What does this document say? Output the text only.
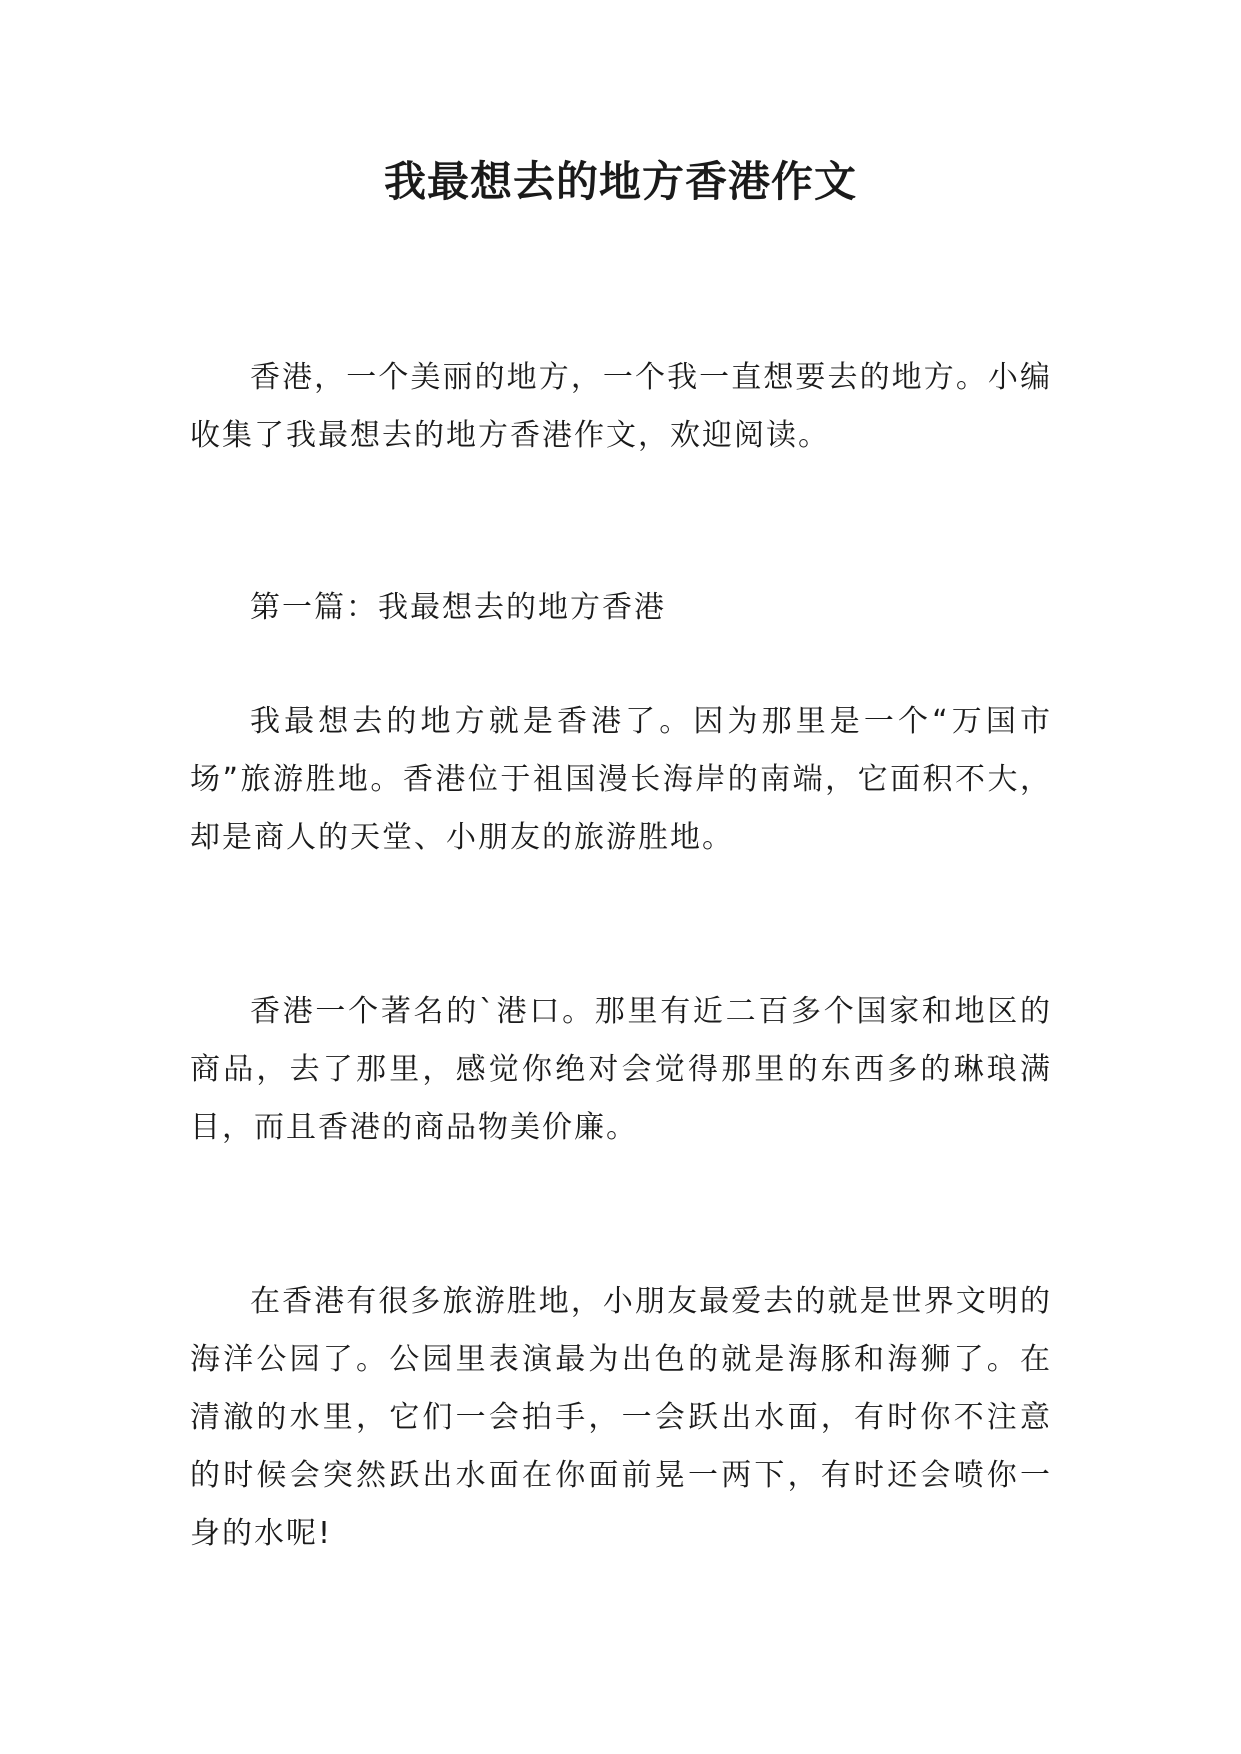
我最想去的地方香港作文

香港，一个美丽的地方，一个我一直想要去的地方。小编收集了我最想去的地方香港作文，欢迎阅读。

第一篇：我最想去的地方香港

我最想去的地方就是香港了。因为那里是一个“万国市场”旅游胜地。香港位于祖国漫长海岸的南端，它面积不大，却是商人的天堂、小朋友的旅游胜地。

香港一个著名的`港口。那里有近二百多个国家和地区的商品，去了那里，感觉你绝对会觉得那里的东西多的琳琅满目，而且香港的商品物美价廉。

在香港有很多旅游胜地，小朋友最爱去的就是世界文明的海洋公园了。公园里表演最为出色的就是海豚和海狮了。在清澈的水里，它们一会拍手，一会跃出水面，有时你不注意的时候会突然跃出水面在你面前晃一两下，有时还会喷你一身的水呢!
